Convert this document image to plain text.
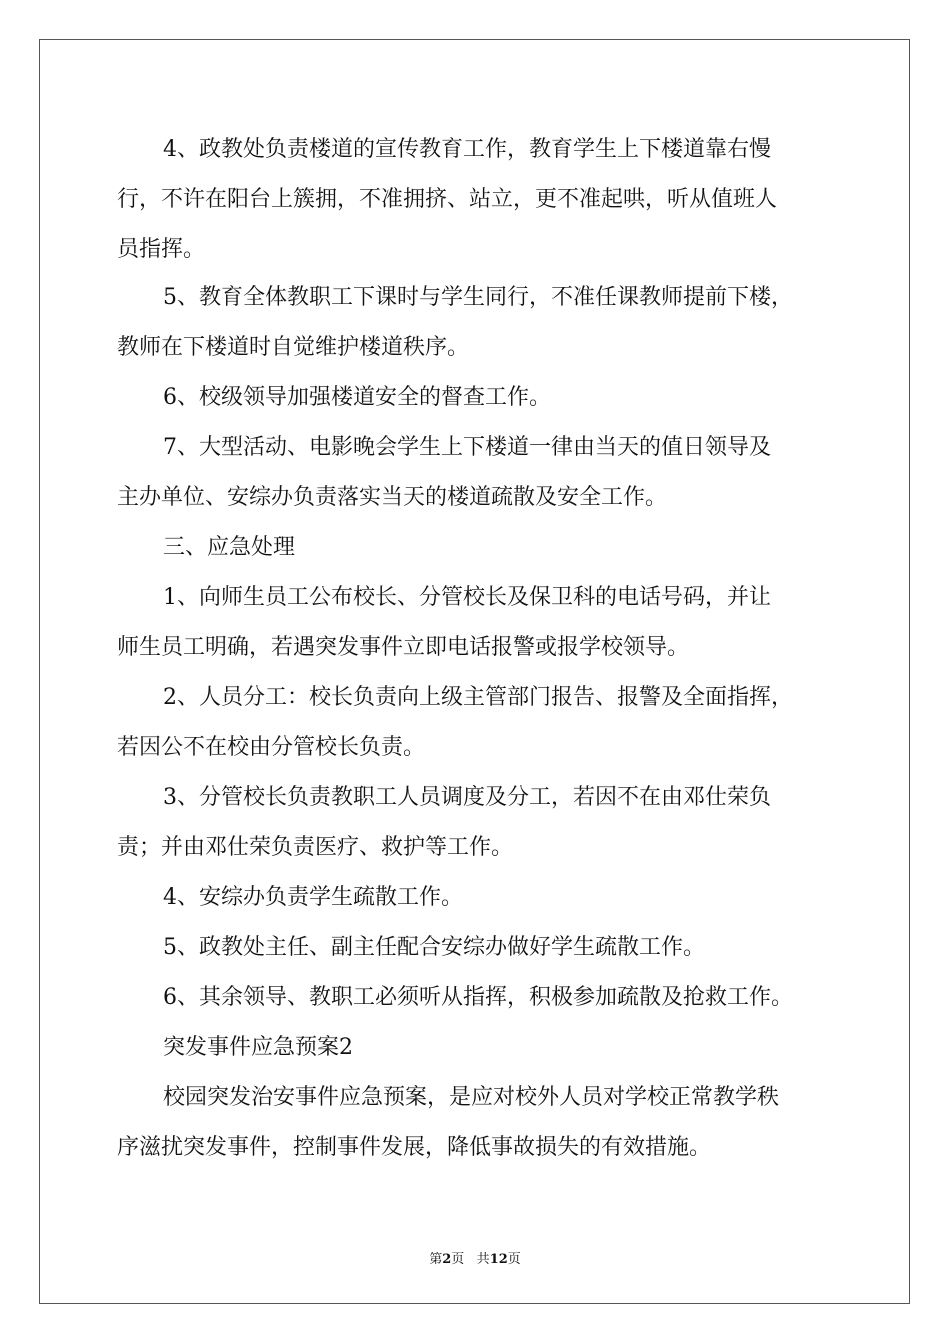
4、政教处负责楼道的宣传教育工作，教育学生上下楼道靠右慢
行，不许在阳台上簇拥，不准拥挤、站立，更不准起哄，听从值班人
员指挥。
5、教育全体教职工下课时与学生同行，不准任课教师提前下楼，
教师在下楼道时自觉维护楼道秩序。
6、校级领导加强楼道安全的督查工作。
7、大型活动、电影晚会学生上下楼道一律由当天的值日领导及
主办单位、安综办负责落实当天的楼道疏散及安全工作。
三、应急处理
1、向师生员工公布校长、分管校长及保卫科的电话号码，并让
师生员工明确，若遇突发事件立即电话报警或报学校领导。
2、人员分工：校长负责向上级主管部门报告、报警及全面指挥，
若因公不在校由分管校长负责。
3、分管校长负责教职工人员调度及分工，若因不在由邓仕荣负
责；并由邓仕荣负责医疗、救护等工作。
4、安综办负责学生疏散工作。
5、政教处主任、副主任配合安综办做好学生疏散工作。
6、其余领导、教职工必须听从指挥，积极参加疏散及抢救工作。
突发事件应急预案2
校园突发治安事件应急预案，是应对校外人员对学校正常教学秩
序滋扰突发事件，控制事件发展，降低事故损失的有效措施。
第2页 共12页
